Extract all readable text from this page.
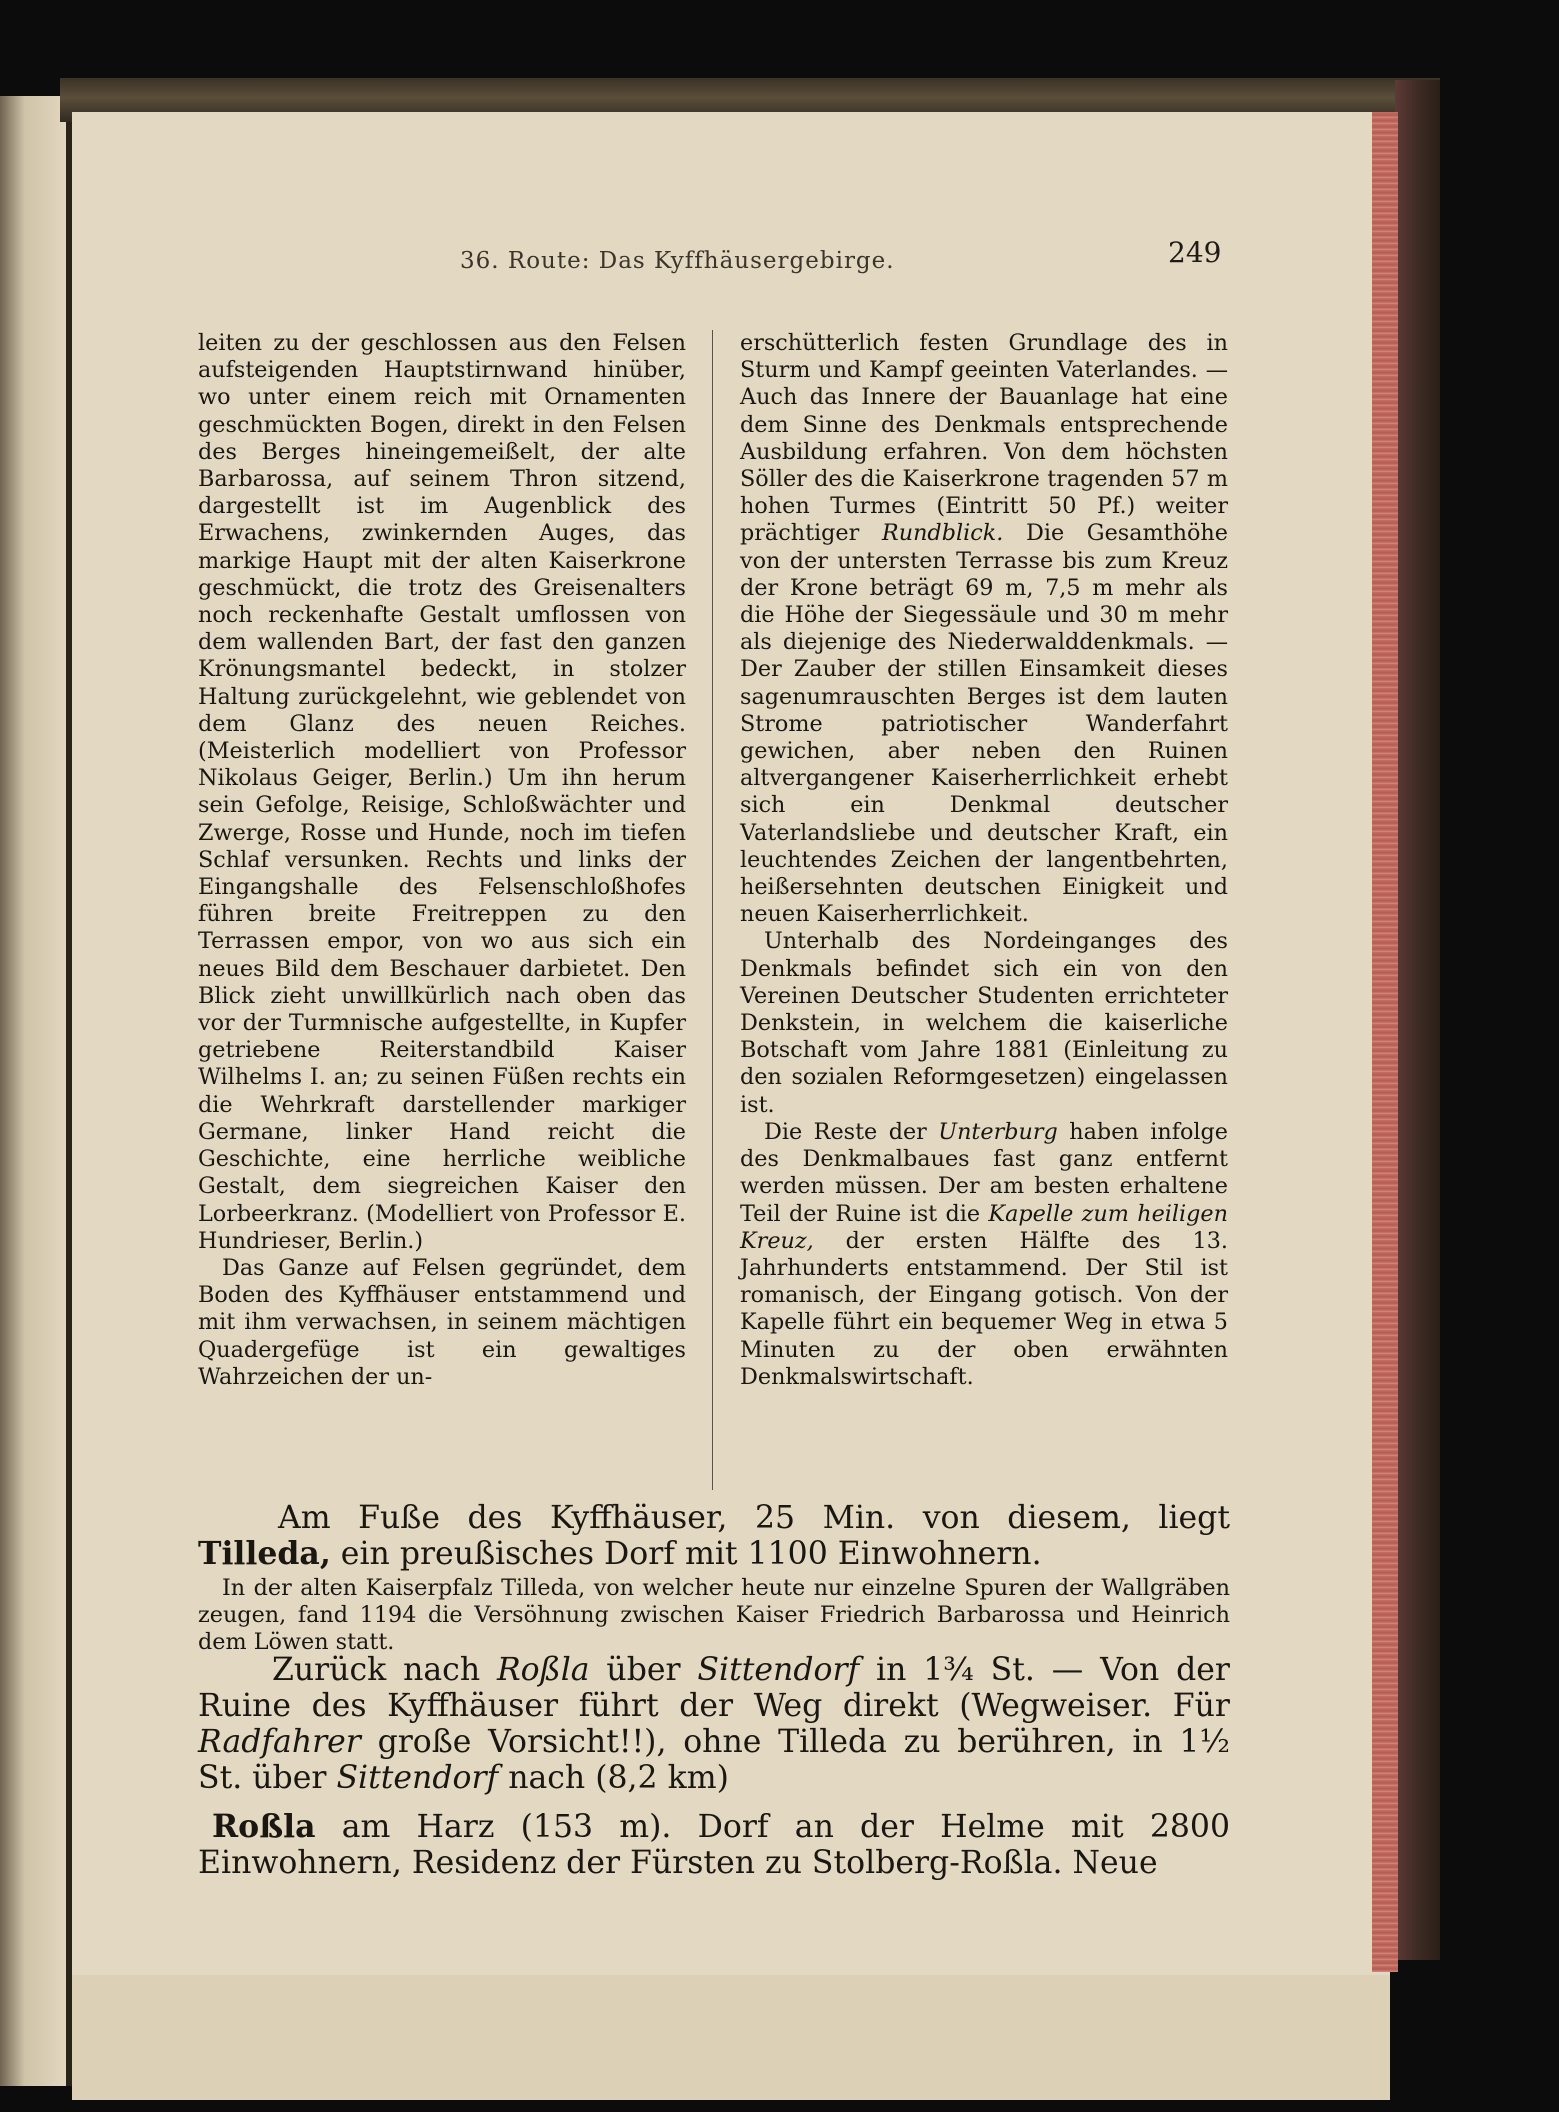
36. Route: Das Kyffhäusergebirge.	249

leiten zu der geschlossen aus den Felsen aufsteigenden Hauptstirnwand hinüber, wo unter einem reich mit Ornamenten geschmückten Bogen, direkt in den Felsen des Berges hineingemeißelt, der alte Barbarossa, auf seinem Thron sitzend, dargestellt ist im Augenblick des Erwachens, zwinkernden Auges, das markige Haupt mit der alten Kaiserkrone geschmückt, die trotz des Greisenalters noch reckenhafte Gestalt umflossen von dem wallenden Bart, der fast den ganzen Krönungsmantel bedeckt, in stolzer Haltung zurückgelehnt, wie geblendet von dem Glanz des neuen Reiches. (Meisterlich modelliert von Professor Nikolaus Geiger, Berlin.) Um ihn herum sein Gefolge, Reisige, Schloßwächter und Zwerge, Rosse und Hunde, noch im tiefen Schlaf versunken. Rechts und links der Eingangshalle des Felsenschloßhofes führen breite Freitreppen zu den Terrassen empor, von wo aus sich ein neues Bild dem Beschauer darbietet. Den Blick zieht unwillkürlich nach oben das vor der Turmnische aufgestellte, in Kupfer getriebene Reiterstandbild Kaiser Wilhelms I. an; zu seinen Füßen rechts ein die Wehrkraft darstellender markiger Germane, linker Hand reicht die Geschichte, eine herrliche weibliche Gestalt, dem siegreichen Kaiser den Lorbeerkranz. (Modelliert von Professor E. Hundrieser, Berlin.)

Das Ganze auf Felsen gegründet, dem Boden des Kyffhäuser entstammend und mit ihm verwachsen, in seinem mächtigen Quadergefüge ist ein gewaltiges Wahrzeichen der un-

erschütterlich festen Grundlage des in Sturm und Kampf geeinten Vaterlandes. — Auch das Innere der Bauanlage hat eine dem Sinne des Denkmals entsprechende Ausbildung erfahren. Von dem höchsten Söller des die Kaiserkrone tragenden 57 m hohen Turmes (Eintritt 50 Pf.) weiter prächtiger Rundblick. Die Gesamthöhe von der untersten Terrasse bis zum Kreuz der Krone beträgt 69 m, 7,5 m mehr als die Höhe der Siegessäule und 30 m mehr als diejenige des Niederwalddenkmals. — Der Zauber der stillen Einsamkeit dieses sagenumrauschten Berges ist dem lauten Strome patriotischer Wanderfahrt gewichen, aber neben den Ruinen altvergangener Kaiserherrlichkeit erhebt sich ein Denkmal deutscher Vaterlandsliebe und deutscher Kraft, ein leuchtendes Zeichen der langentbehrten, heißersehnten deutschen Einigkeit und neuen Kaiserherrlichkeit.

Unterhalb des Nordeinganges des Denkmals befindet sich ein von den Vereinen Deutscher Studenten errichteter Denkstein, in welchem die kaiserliche Botschaft vom Jahre 1881 (Einleitung zu den sozialen Reformgesetzen) eingelassen ist.

Die Reste der Unterburg haben infolge des Denkmalbaues fast ganz entfernt werden müssen. Der am besten erhaltene Teil der Ruine ist die Kapelle zum heiligen Kreuz, der ersten Hälfte des 13. Jahrhunderts entstammend. Der Stil ist romanisch, der Eingang gotisch. Von der Kapelle führt ein bequemer Weg in etwa 5 Minuten zu der oben erwähnten Denkmalswirtschaft.

Am Fuße des Kyffhäuser, 25 Min. von diesem, liegt Tilleda, ein preußisches Dorf mit 1100 Einwohnern.
In der alten Kaiserpfalz Tilleda, von welcher heute nur einzelne Spuren der Wallgräben zeugen, fand 1194 die Versöhnung zwischen Kaiser Friedrich Barbarossa und Heinrich dem Löwen statt.
Zurück nach Roßla über Sittendorf in 1¾ St. — Von der Ruine des Kyffhäuser führt der Weg direkt (Wegweiser. Für Radfahrer große Vorsicht!!), ohne Tilleda zu berühren, in 1½ St. über Sittendorf nach (8,2 km)
Roßla am Harz (153 m). Dorf an der Helme mit 2800 Einwohnern, Residenz der Fürsten zu Stolberg-Roßla. Neue
